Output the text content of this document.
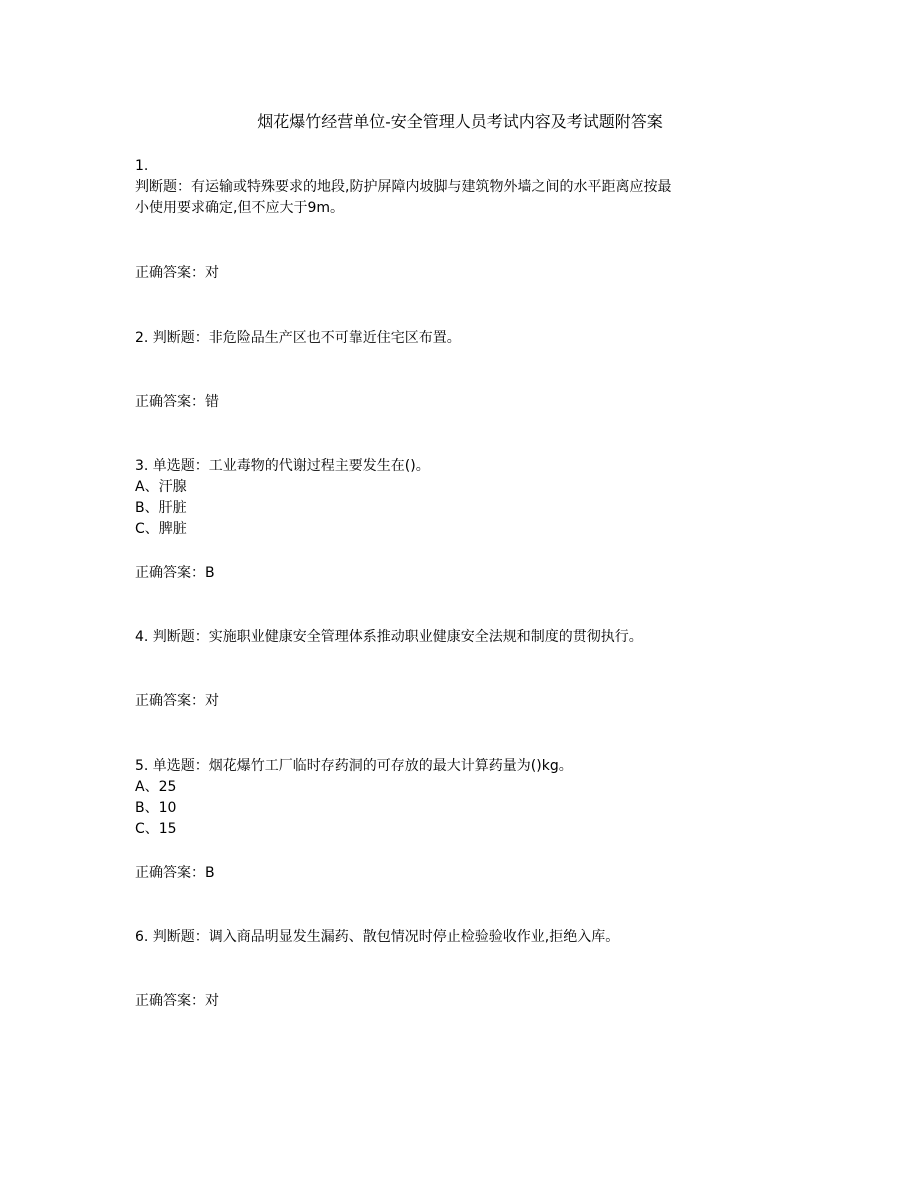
烟花爆竹经营单位-安全管理人员考试内容及考试题附答案
1.
判断题：有运输或特殊要求的地段,防护屏障内坡脚与建筑物外墙之间的水平距离应按最
小使用要求确定,但不应大于9m。
正确答案：对
2. 判断题：非危险品生产区也不可靠近住宅区布置。
正确答案：错
3. 单选题：工业毒物的代谢过程主要发生在()。
A、汗腺
B、肝脏
C、脾脏
正确答案：B
4. 判断题：实施职业健康安全管理体系推动职业健康安全法规和制度的贯彻执行。
正确答案：对
5. 单选题：烟花爆竹工厂临时存药洞的可存放的最大计算药量为()kg。
A、25
B、10
C、15
正确答案：B
6. 判断题：调入商品明显发生漏药、散包情况时停止检验验收作业,拒绝入库。
正确答案：对
